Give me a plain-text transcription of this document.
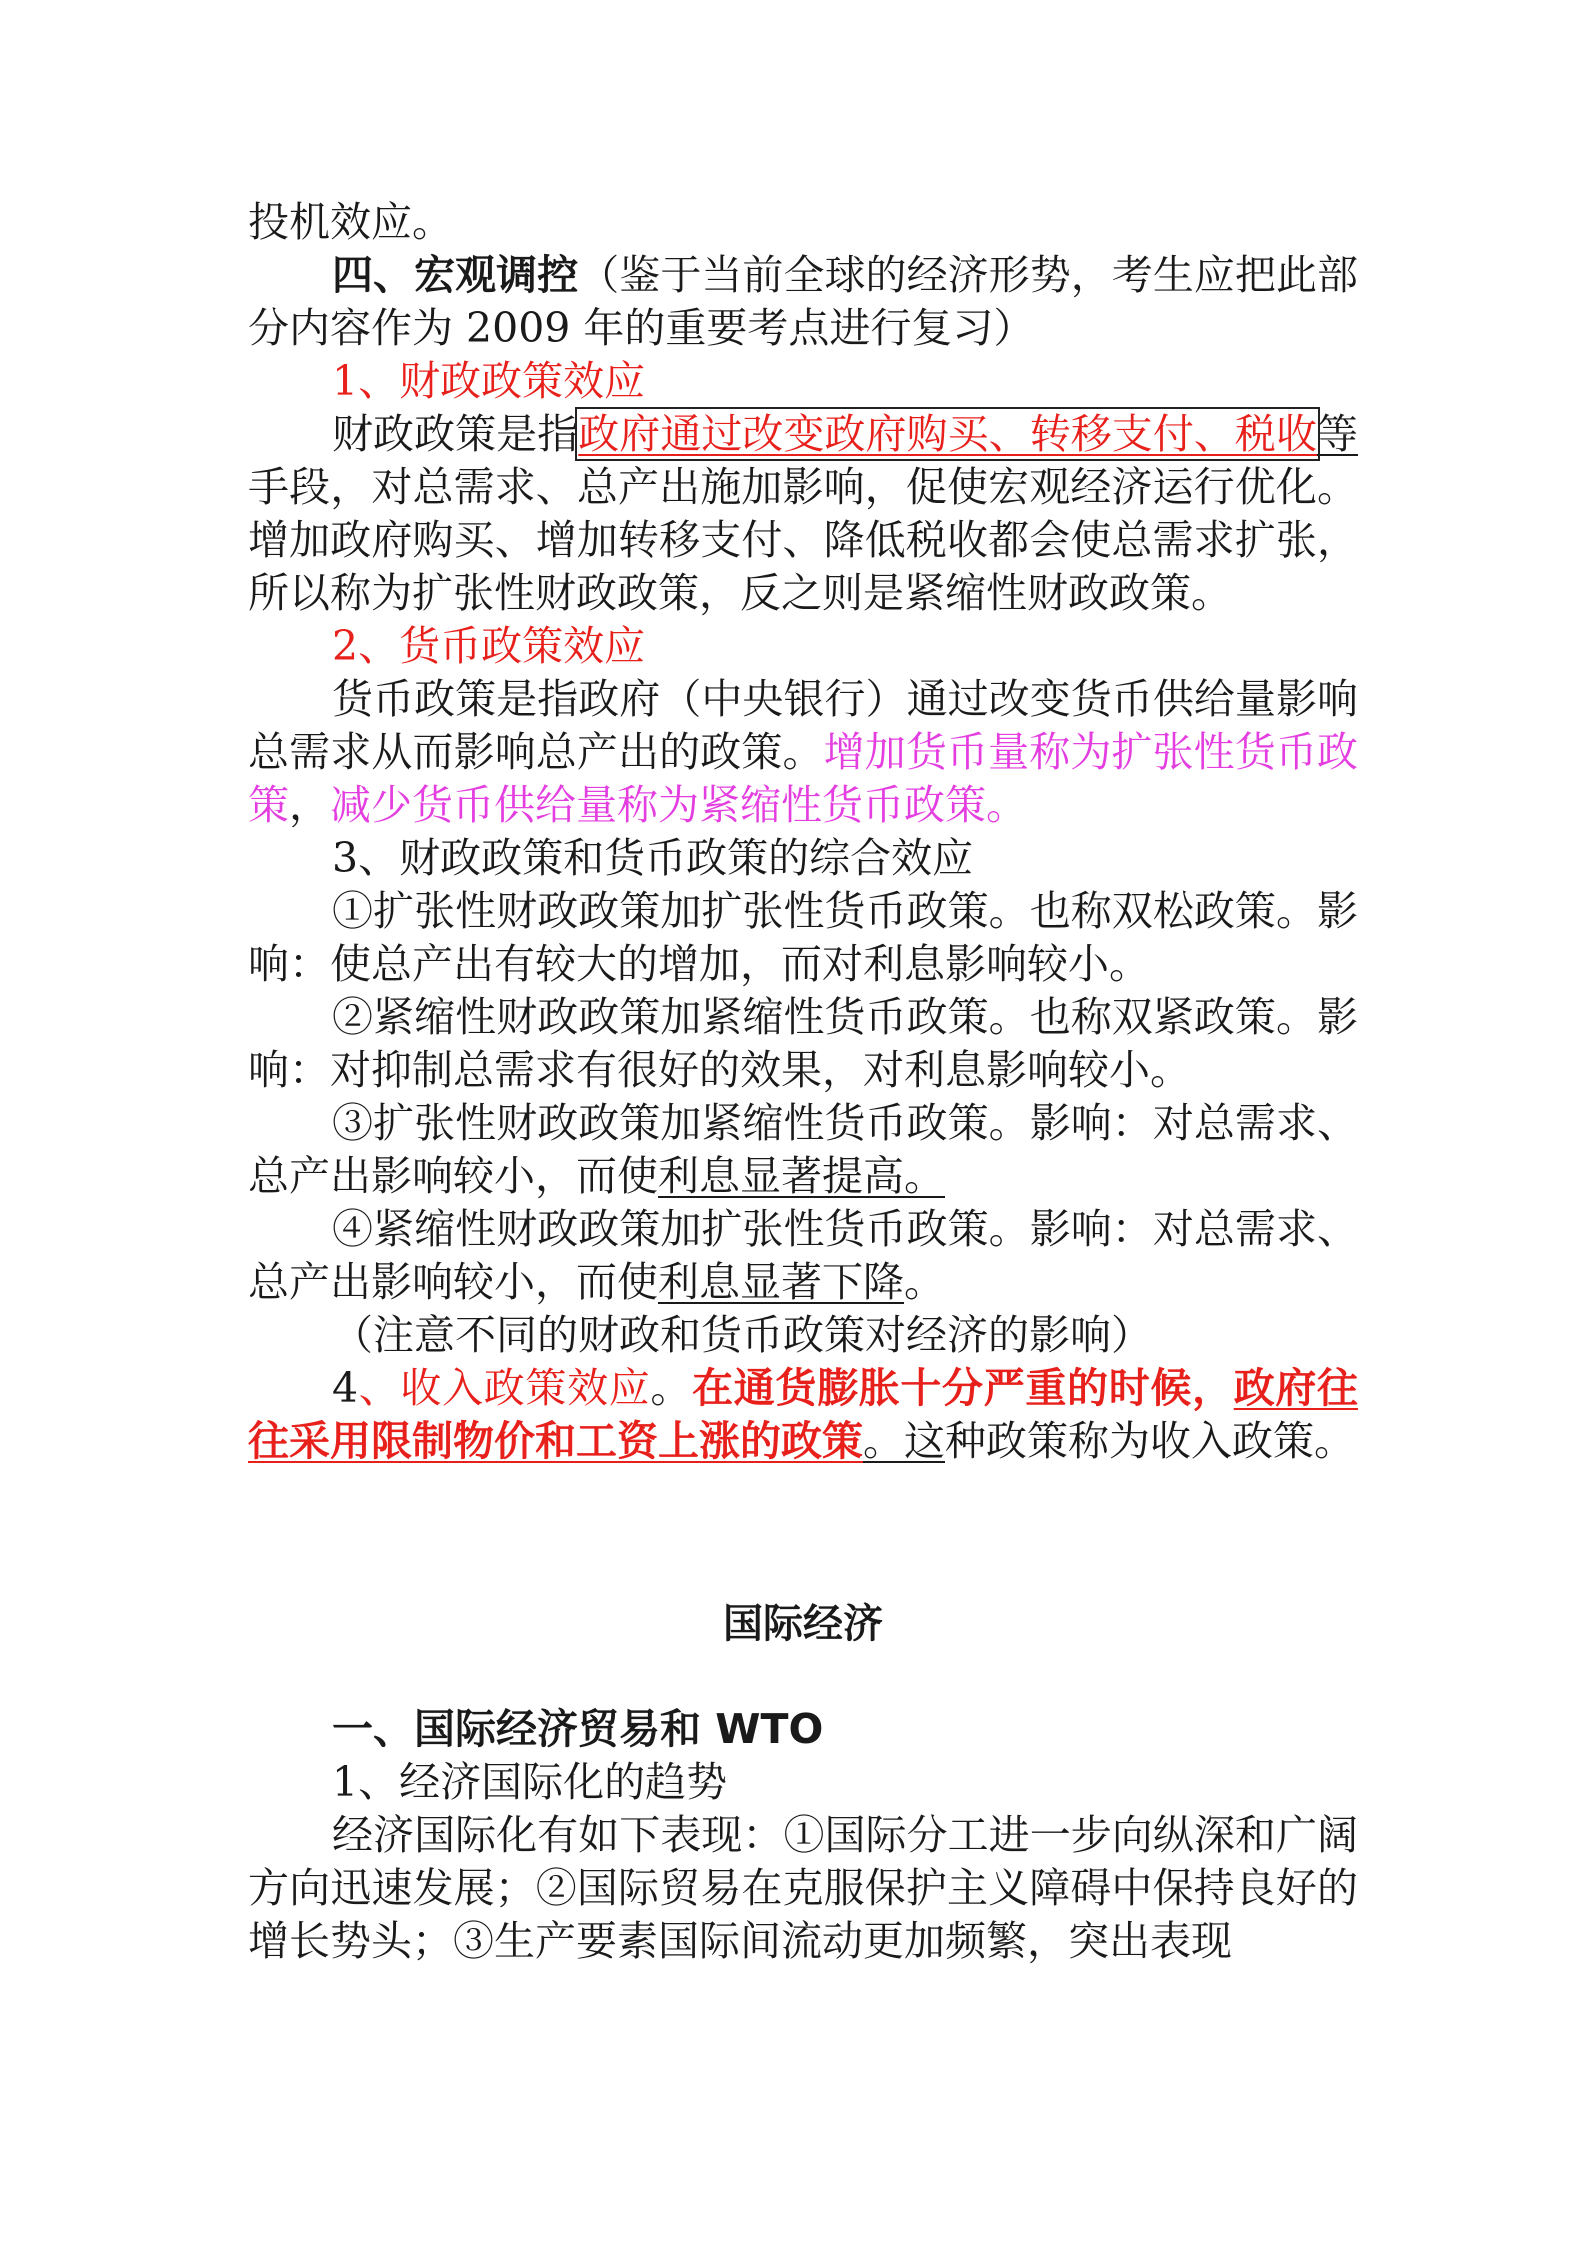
投机效应。

四、宏观调控（鉴于当前全球的经济形势，考生应把此部分内容作为 2009 年的重要考点进行复习）

1、财政政策效应

财政政策是指政府通过改变政府购买、转移支付、税收等手段，对总需求、总产出施加影响，促使宏观经济运行优化。增加政府购买、增加转移支付、降低税收都会使总需求扩张，所以称为扩张性财政政策，反之则是紧缩性财政政策。

2、货币政策效应

货币政策是指政府（中央银行）通过改变货币供给量影响总需求从而影响总产出的政策。增加货币量称为扩张性货币政策，减少货币供给量称为紧缩性货币政策。

3、财政政策和货币政策的综合效应

①扩张性财政政策加扩张性货币政策。也称双松政策。影响：使总产出有较大的增加，而对利息影响较小。

②紧缩性财政政策加紧缩性货币政策。也称双紧政策。影响：对抑制总需求有很好的效果，对利息影响较小。

③扩张性财政政策加紧缩性货币政策。影响：对总需求、总产出影响较小，而使利息显著提高。

④紧缩性财政政策加扩张性货币政策。影响：对总需求、总产出影响较小，而使利息显著下降。

（注意不同的财政和货币政策对经济的影响）

4、收入政策效应。在通货膨胀十分严重的时候，政府往往采用限制物价和工资上涨的政策。这种政策称为收入政策。

国际经济

一、国际经济贸易和 WTO

1、经济国际化的趋势

经济国际化有如下表现：①国际分工进一步向纵深和广阔方向迅速发展；②国际贸易在克服保护主义障碍中保持良好的增长势头；③生产要素国际间流动更加频繁，突出表现
